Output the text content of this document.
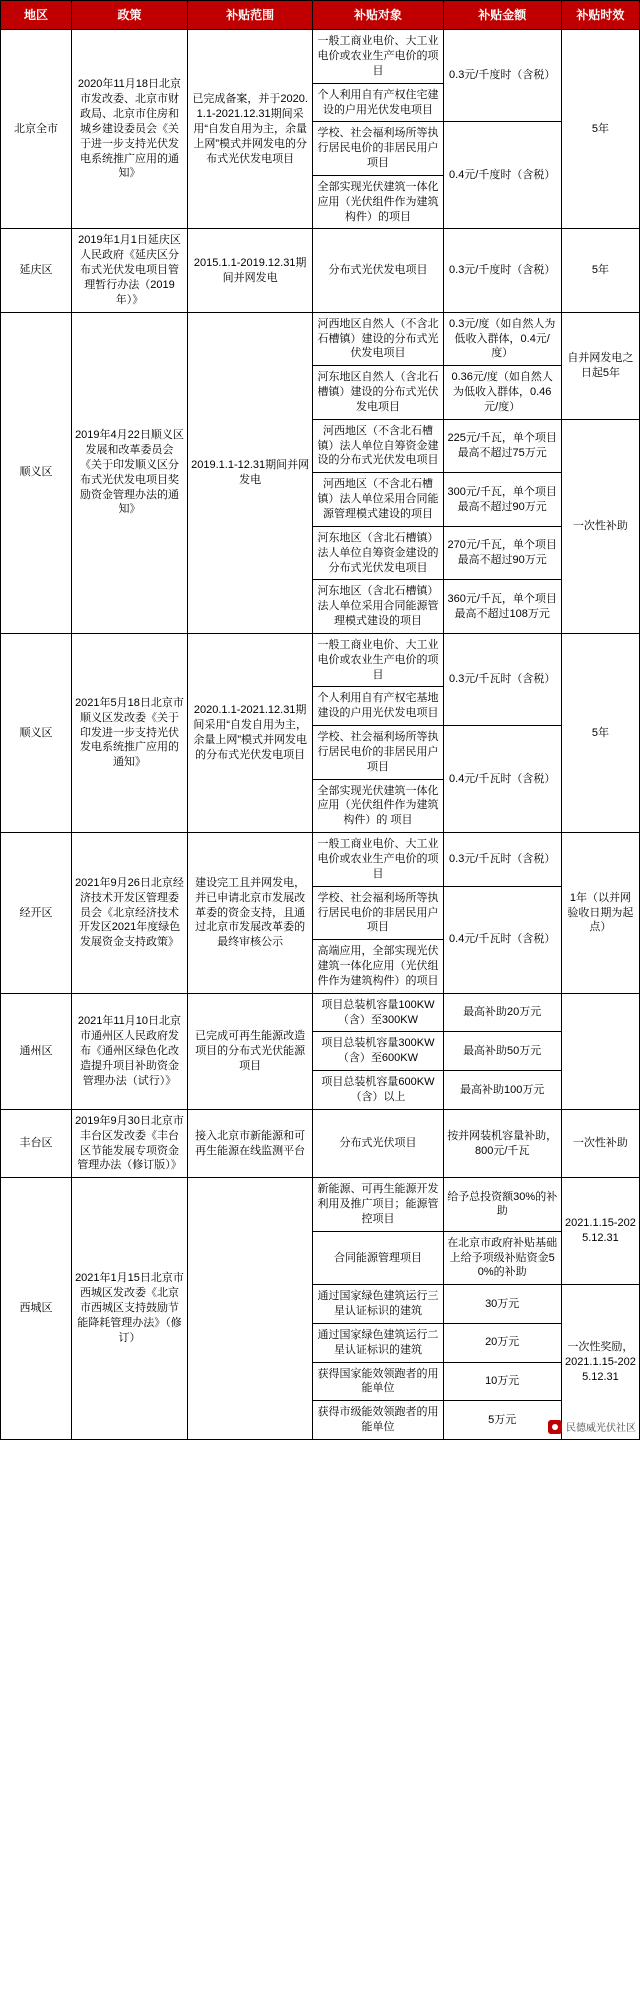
地区	政策	补贴范围	补贴对象	补贴金额	补贴时效
北京全市	2020年11月18日北京市发改委、北京市财政局、北京市住房和城乡建设委员会《关于进一步支持光伏发电系统推广应用的通知》	已完成备案，并于2020.1.1-2021.12.31期间采用“自发自用为主，余量上网”模式并网发电的分布式光伏发电项目	一般工商业电价、大工业电价或农业生产电价的项目	0.3元/千度时（含税）	5年
			个人利用自有产权住宅建设的户用光伏发电项目		
			学校、社会福利场所等执行居民电价的非居民用户项目	0.4元/千度时（含税）	
			全部实现光伏建筑一体化应用（光伏组件作为建筑构件）的项目		
延庆区	2019年1月1日延庆区人民政府《延庆区分布式光伏发电项目管理暂行办法（2019年）》	2015.1.1-2019.12.31期间并网发电	分布式光伏发电项目	0.3元/千度时（含税）	5年
顺义区	2019年4月22日顺义区发展和改革委员会《关于印发顺义区分布式光伏发电项目奖励资金管理办法的通知》	2019.1.1-12.31期间并网发电	河西地区自然人（不含北石槽镇）建设的分布式光伏发电项目	0.3元/度（如自然人为低收入群体，0.4元/度）	自并网发电之日起5年
			河东地区自然人（含北石槽镇）建设的分布式光伏发电项目	0.36元/度（如自然人为低收入群体，0.46元/度）	
			河西地区（不含北石槽镇）法人单位自筹资金建设的分布式光伏发电项目	225元/千瓦，单个项目最高不超过75万元	一次性补助
			河西地区（不含北石槽镇）法人单位采用合同能源管理模式建设的项目	300元/千瓦，单个项目最高不超过90万元	
			河东地区（含北石槽镇）法人单位自筹资金建设的分布式光伏发电项目	270元/千瓦，单个项目最高不超过90万元	
			河东地区（含北石槽镇）法人单位采用合同能源管理模式建设的项目	360元/千瓦，单个项目最高不超过108万元	
顺义区	2021年5月18日北京市顺义区发改委《关于印发进一步支持光伏发电系统推广应用的通知》	2020.1.1-2021.12.31期间采用“自发自用为主，余量上网”模式并网发电的分布式光伏发电项目	一般工商业电价、大工业电价或农业生产电价的项目	0.3元/千瓦时（含税）	5年
			个人利用自有产权宅基地建设的户用光伏发电项目		
			学校、社会福利场所等执行居民电价的非居民用户项目	0.4元/千瓦时（含税）	
			全部实现光伏建筑一体化应用（光伏组件作为建筑构件）的 项目		
经开区	2021年9月26日北京经济技术开发区管理委员会《北京经济技术开发区2021年度绿色发展资金支持政策》	建设完工且并网发电，并已申请北京市发展改革委的资金支持，且通过北京市发展改革委的最终审核公示	一般工商业电价、大工业电价或农业生产电价的项目	0.3元/千瓦时（含税）	1年（以并网验收日期为起点）
			学校、社会福利场所等执行居民电价的非居民用户项目	0.4元/千瓦时（含税）	
			高端应用，全部实现光伏建筑一体化应用（光伏组件作为建筑构件）的项目		
通州区	2021年11月10日北京市通州区人民政府发布《通州区绿色化改造提升项目补助资金管理办法（试行）》	已完成可再生能源改造项目的分布式光伏能源项目	项目总装机容量100KW（含）至300KW	最高补助20万元	
			项目总装机容量300KW（含）至600KW	最高补助50万元	
			项目总装机容量600KW（含）以上	最高补助100万元	
丰台区	2019年9月30日北京市丰台区发改委《丰台区节能发展专项资金管理办法（修订版）》	接入北京市新能源和可再生能源在线监测平台	分布式光伏项目	按并网装机容量补助，800元/千瓦	一次性补助
西城区	2021年1月15日北京市西城区发改委《北京市西城区支持鼓励节能降耗管理办法》（修订）		新能源、可再生能源开发利用及推广项目；能源管控项目	给予总投资额30%的补助	2021.1.15-2025.12.31
			合同能源管理项目	在北京市政府补贴基础上给予项级补贴资金50%的补助	
			通过国家绿色建筑运行三星认证标识的建筑	30万元	一次性奖励，2021.1.15-2025.12.31
			通过国家绿色建筑运行二星认证标识的建筑	20万元	
			获得国家能效领跑者的用能单位	10万元	
			获得市级能效领跑者的用能单位	5万元	
民德威光伏社区
